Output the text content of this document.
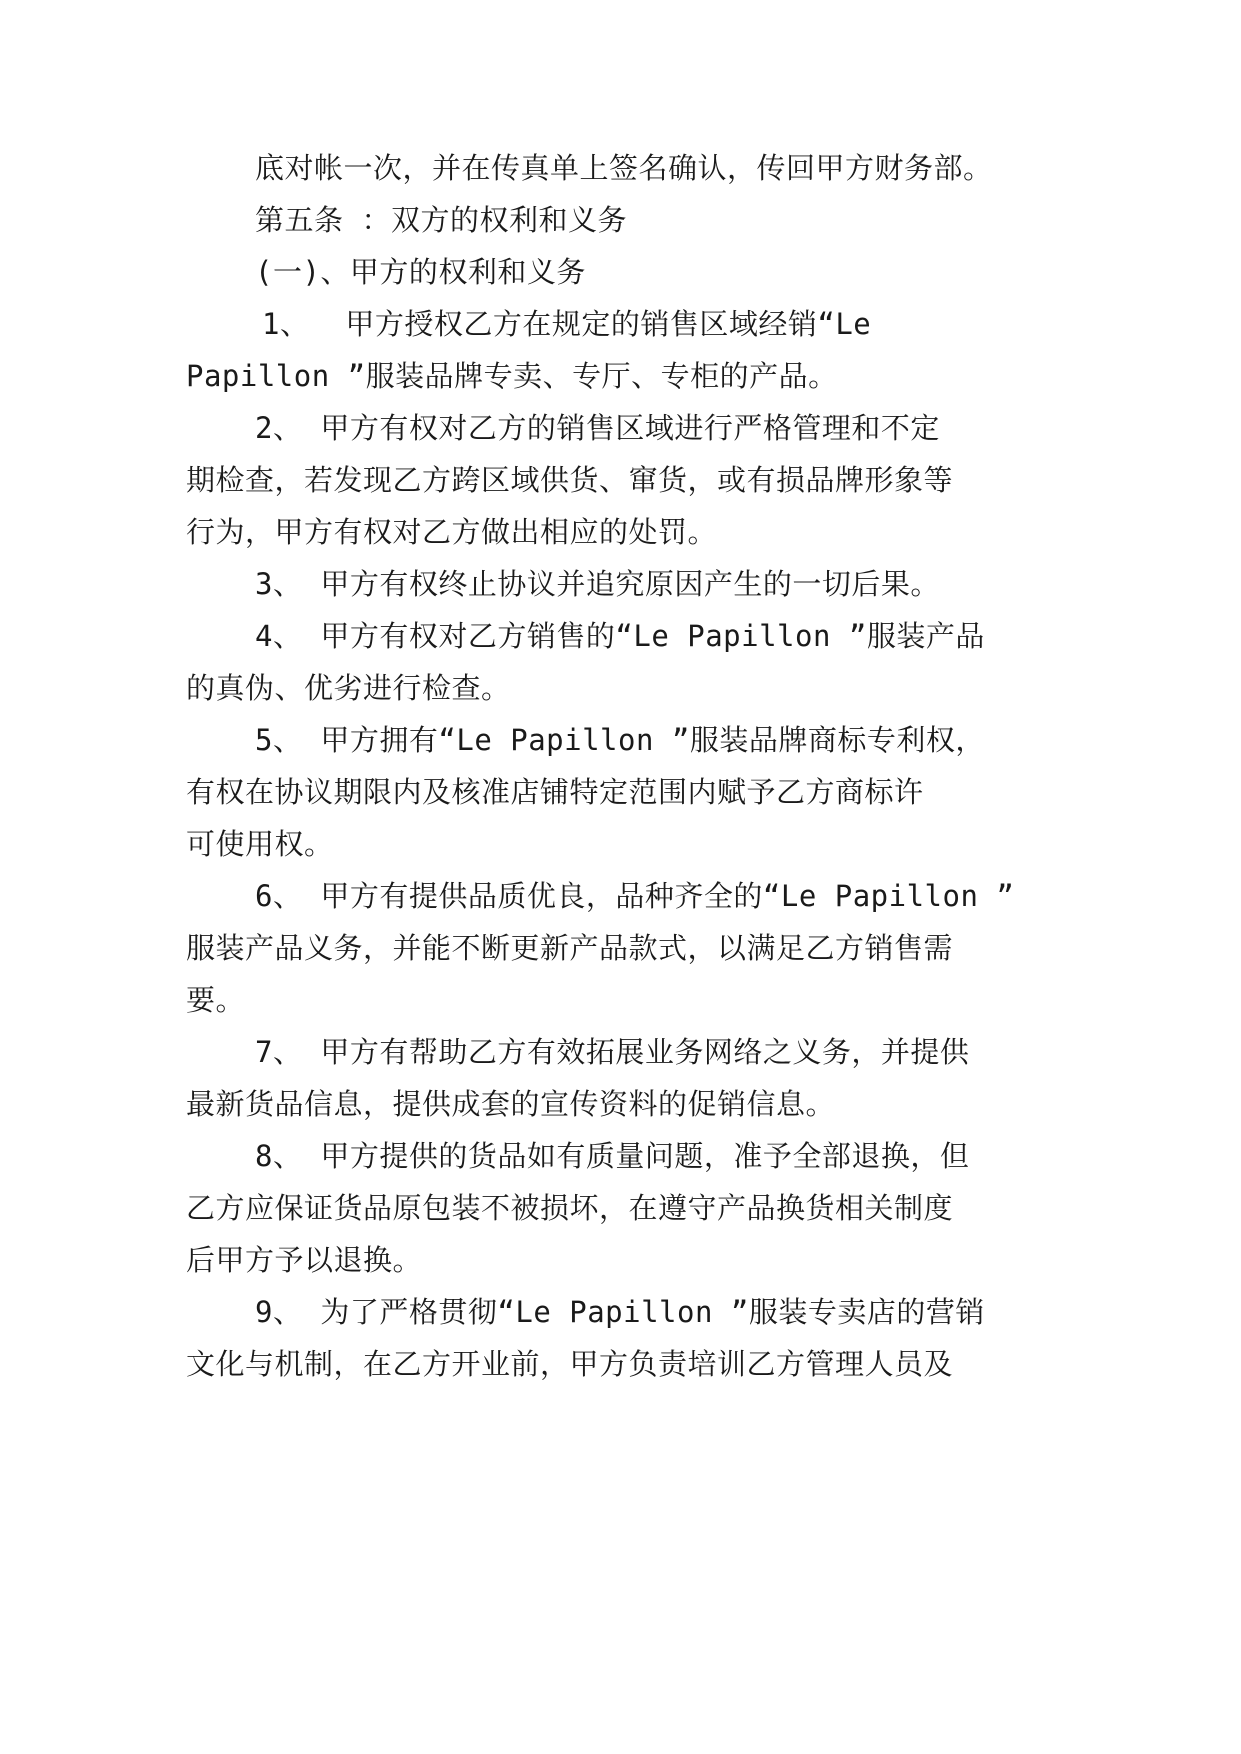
底对帐一次，并在传真单上签名确认，传回甲方财务部。
第五条 ：双方的权利和义务
(一)、甲方的权利和义务
1、  甲方授权乙方在规定的销售区域经销“Le
Papillon ”服装品牌专卖、专厅、专柜的产品。
2、 甲方有权对乙方的销售区域进行严格管理和不定
期检查，若发现乙方跨区域供货、窜货，或有损品牌形象等
行为，甲方有权对乙方做出相应的处罚。
3、 甲方有权终止协议并追究原因产生的一切后果。
4、 甲方有权对乙方销售的“Le Papillon ”服装产品
的真伪、优劣进行检查。
5、 甲方拥有“Le Papillon ”服装品牌商标专利权，
有权在协议期限内及核准店铺特定范围内赋予乙方商标许
可使用权。
6、 甲方有提供品质优良，品种齐全的“Le Papillon ”
服装产品义务，并能不断更新产品款式，以满足乙方销售需
要。
7、 甲方有帮助乙方有效拓展业务网络之义务，并提供
最新货品信息，提供成套的宣传资料的促销信息。
8、 甲方提供的货品如有质量问题，准予全部退换，但
乙方应保证货品原包装不被损坏，在遵守产品换货相关制度
后甲方予以退换。
9、 为了严格贯彻“Le Papillon ”服装专卖店的营销
文化与机制，在乙方开业前，甲方负责培训乙方管理人员及
